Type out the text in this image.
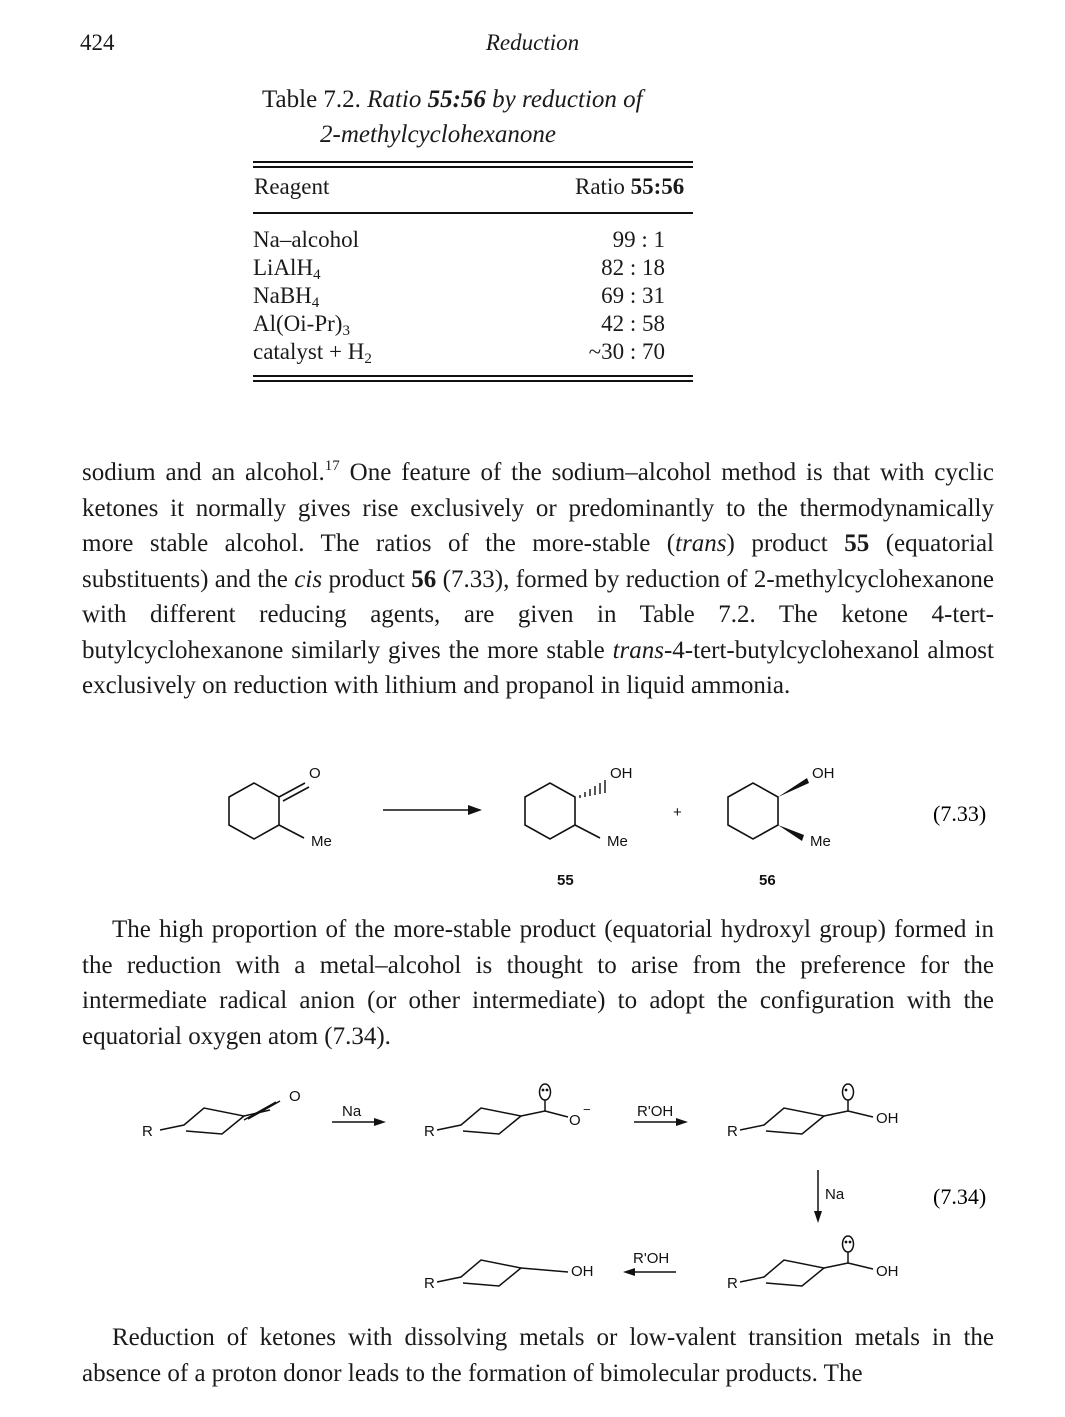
424	Reduction
Table 7.2. Ratio 55:56 by reduction of
2-methylcyclohexanone
Reagent	Ratio 55:56
Na–alcohol	99 : 1
LiAlH$_4$	82 : 18
NaBH$_4$	69 : 31
$Al(Oi-Pr)_3$	42 : 58
catalyst + $H_2$	~30 : 70

sodium and an alcohol.$^{17}$ One feature of the sodium–alcohol method is that with cyclic ketones it normally gives rise exclusively or predominantly to the thermodynamically more stable alcohol. The ratios of the more-stable (trans) product 55 (equatorial substituents) and the cis product 56 (7.33), formed by reduction of 2-methylcyclohexanone with different reducing agents, are given in Table 7.2. The ketone 4-tert-butylcyclohexanone similarly gives the more stable trans-4-tert-butylcyclohexanol almost exclusively on reduction with lithium and propanol in liquid ammonia.

O
Me
OH
Me
+
OH
Me
55	56
(7.33)

The high proportion of the more-stable product (equatorial hydroxyl group) formed in the reduction with a metal–alcohol is thought to arise from the preference for the intermediate radical anion (or other intermediate) to adopt the configuration with the equatorial oxygen atom (7.34).

R
O
Na
R
O
−	R'OH
R
OH
Na
R
OH
R'OH
R
OH
(7.34)

Reduction of ketones with dissolving metals or low-valent transition metals in the absence of a proton donor leads to the formation of bimolecular products. The
